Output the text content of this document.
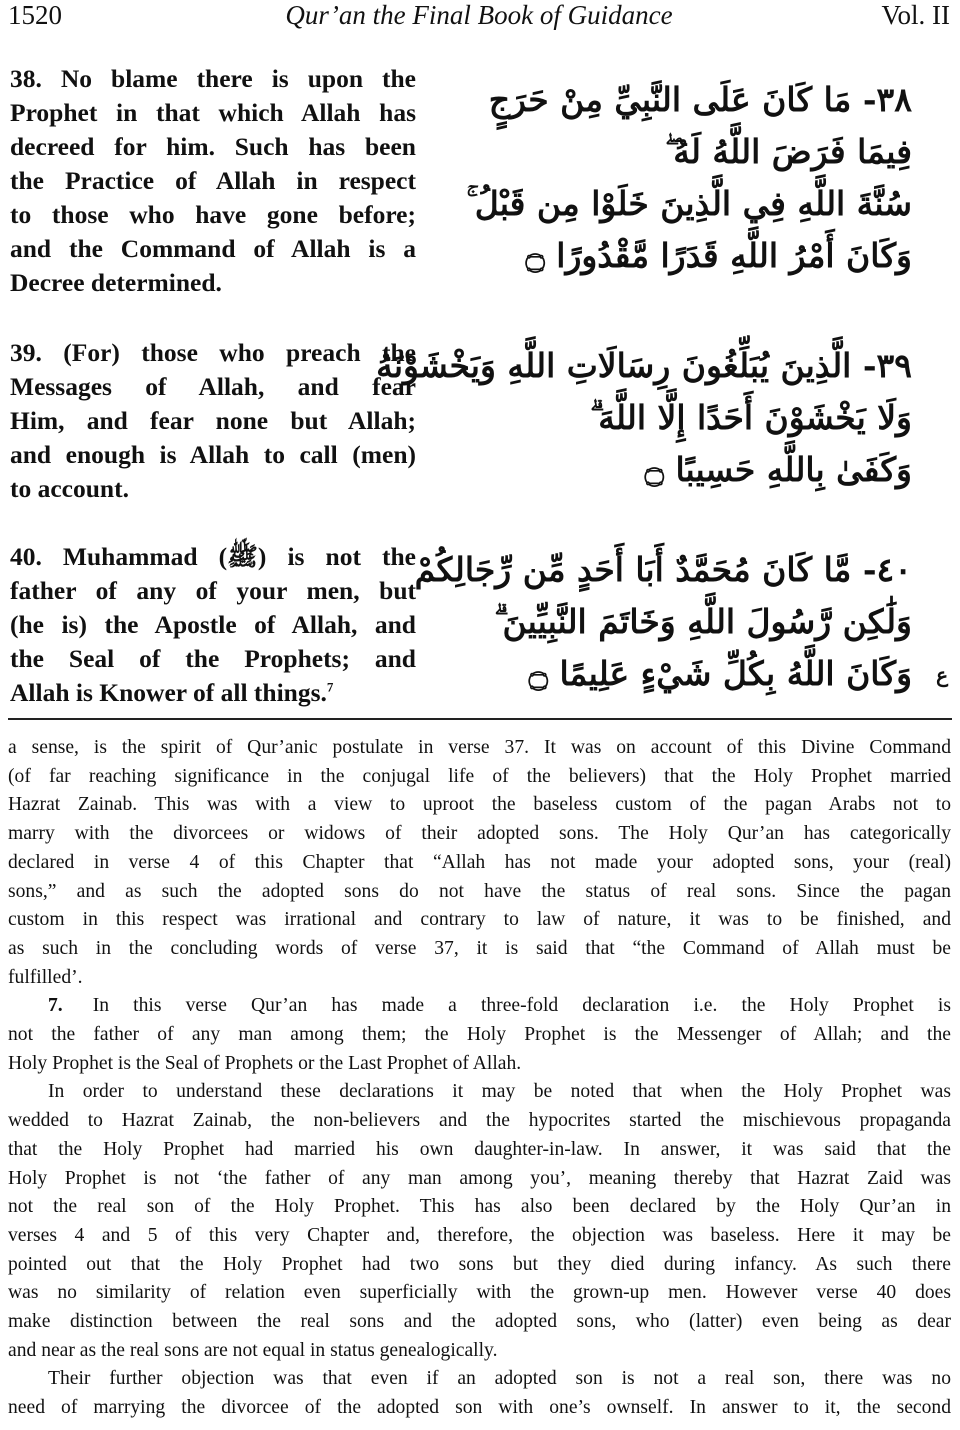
1520	Qur’an the Final Book of Guidance	Vol. II
38. No blame there is upon the
Prophet in that which Allah has
decreed for him. Such has been
the Practice of Allah in respect
to those who have gone before;
and the Command of Allah is a
Decree determined.
٣٨- مَا كَانَ عَلَى النَّبِيِّ مِنْ حَرَجٍ
فِيمَا فَرَضَ اللَّهُ لَهُ ۖ
سُنَّةَ اللَّهِ فِي الَّذِينَ خَلَوْا مِن قَبْلُ ۚ
وَكَانَ أَمْرُ اللَّهِ قَدَرًا مَّقْدُورًا ۝
39. (For) those who preach the
Messages of Allah, and fear
Him, and fear none but Allah;
and enough is Allah to call (men)
to account.
٣٩- الَّذِينَ يُبَلِّغُونَ رِسَالَاتِ اللَّهِ وَيَخْشَوْنَهُ
وَلَا يَخْشَوْنَ أَحَدًا إِلَّا اللَّهَ ۗ
وَكَفَىٰ بِاللَّهِ حَسِيبًا ۝
40. Muhammad (ﷺ) is not the
father of any of your men, but
(he is) the Apostle of Allah, and
the Seal of the Prophets; and
Allah is Knower of all things.$^7$
٤٠- مَّا كَانَ مُحَمَّدٌ أَبَا أَحَدٍ مِّن رِّجَالِكُمْ
وَلَٰكِن رَّسُولَ اللَّهِ وَخَاتَمَ النَّبِيِّينَ ۗ
وَكَانَ اللَّهُ بِكُلِّ شَيْءٍ عَلِيمًا ۝ ع
a sense, is the spirit of Qur’anic postulate in verse 37. It was on account of this Divine Command
(of far reaching significance in the conjugal life of the believers) that the Holy Prophet married
Hazrat Zainab. This was with a view to uproot the baseless custom of the pagan Arabs not to
marry with the divorcees or widows of their adopted sons. The Holy Qur’an has categorically
declared in verse 4 of this Chapter that “Allah has not made your adopted sons, your (real)
sons,” and as such the adopted sons do not have the status of real sons. Since the pagan
custom in this respect was irrational and contrary to law of nature, it was to be finished, and
as such in the concluding words of verse 37, it is said that “the Command of Allah must be
fulfilled’.
7. In this verse Qur’an has made a three-fold declaration i.e. the Holy Prophet is
not the father of any man among them; the Holy Prophet is the Messenger of Allah; and the
Holy Prophet is the Seal of Prophets or the Last Prophet of Allah.
In order to understand these declarations it may be noted that when the Holy Prophet was
wedded to Hazrat Zainab, the non-believers and the hypocrites started the mischievous propaganda
that the Holy Prophet had married his own daughter-in-law. In answer, it was said that the
Holy Prophet is not ‘the father of any man among you’, meaning thereby that Hazrat Zaid was
not the real son of the Holy Prophet. This has also been declared by the Holy Qur’an in
verses 4 and 5 of this very Chapter and, therefore, the objection was baseless. Here it may be
pointed out that the Holy Prophet had two sons but they died during infancy. As such there
was no similarity of relation even superficially with the grown-up men. However verse 40 does
make distinction between the real sons and the adopted sons, who (latter) even being as dear
and near as the real sons are not equal in status genealogically.
Their further objection was that even if an adopted son is not a real son, there was no
need of marrying the divorcee of the adopted son with one’s ownself. In answer to it, the second
